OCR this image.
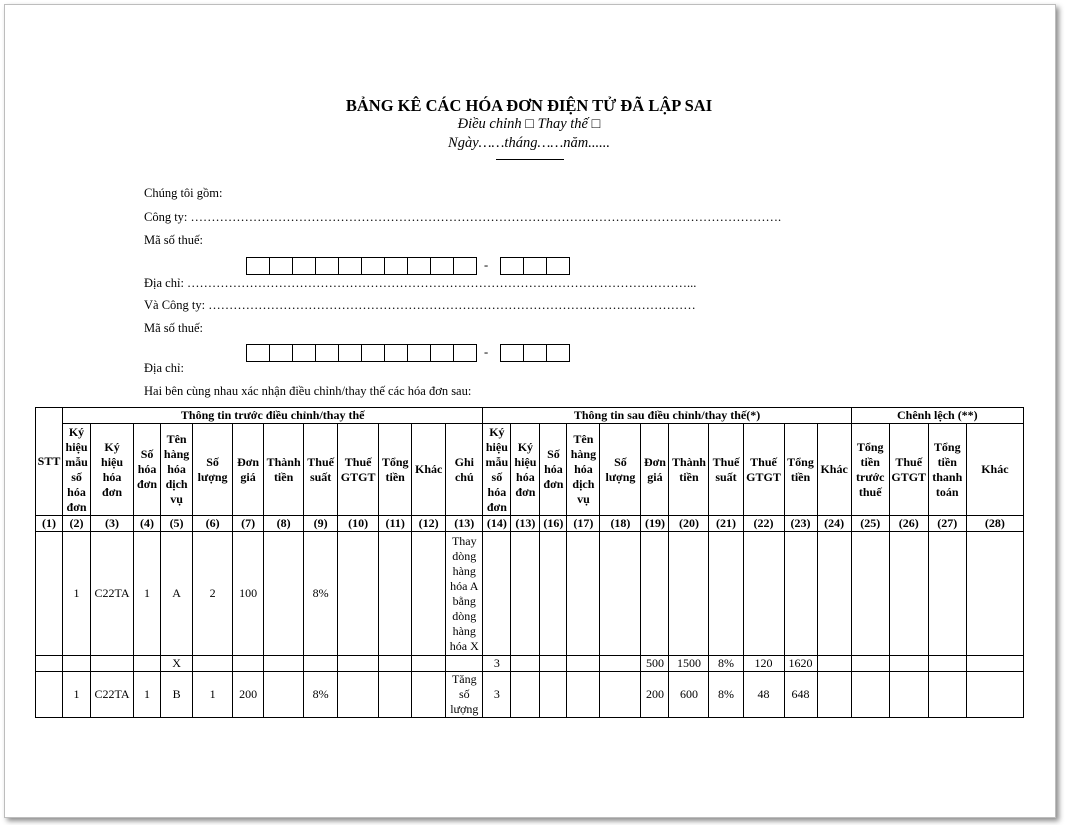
BẢNG KÊ CÁC HÓA ĐƠN ĐIỆN TỬ ĐÃ LẬP SAI
Điều chỉnh □ Thay thế □
Ngày……tháng……năm......
Chúng tôi gồm:
Công ty: …………………………………………………………………………………………………………………………….
Mã số thuế:
-
Địa chỉ: …………………………………………………………………………………………………………...
Và Công ty: ………………………………………………………………………………………………………
Mã số thuế:
-
Địa chỉ:
Hai bên cùng nhau xác nhận điều chỉnh/thay thế các hóa đơn sau:
STT	Thông tin trước điều chỉnh/thay thế												Thông tin sau điều chỉnh/thay thế(*)											Chênh lệch (**)			
	Ký hiệu mẫu số hóa đơn	Ký hiệu hóa đơn	Số hóa đơn	Tên hàng hóa dịch vụ	Số lượng	Đơn giá	Thành tiền	Thuế suất	Thuế GTGT	Tổng tiền	Khác	Ghi chú	Ký hiệu mẫu số hóa đơn	Ký hiệu hóa đơn	Số hóa đơn	Tên hàng hóa dịch vụ	Số lượng	Đơn giá	Thành tiền	Thuế suất	Thuế GTGT	Tổng tiền	Khác	Tổng tiền trước thuế	Thuế GTGT	Tổng tiền thanh toán	Khác
(1)	(2)	(3)	(4)	(5)	(6)	(7)	(8)	(9)	(10)	(11)	(12)	(13)	(14)	(13)	(16)	(17)	(18)	(19)	(20)	(21)	(22)	(23)	(24)	(25)	(26)	(27)	(28)
	1	C22TA	1	A	2	100		8%				Thay dòng hàng hóa A bằng dòng hàng hóa X															
				X									3					500	1500	8%	120	1620					
	1	C22TA	1	B	1	200		8%				Tăng số lượng	3					200	600	8%	48	648					
